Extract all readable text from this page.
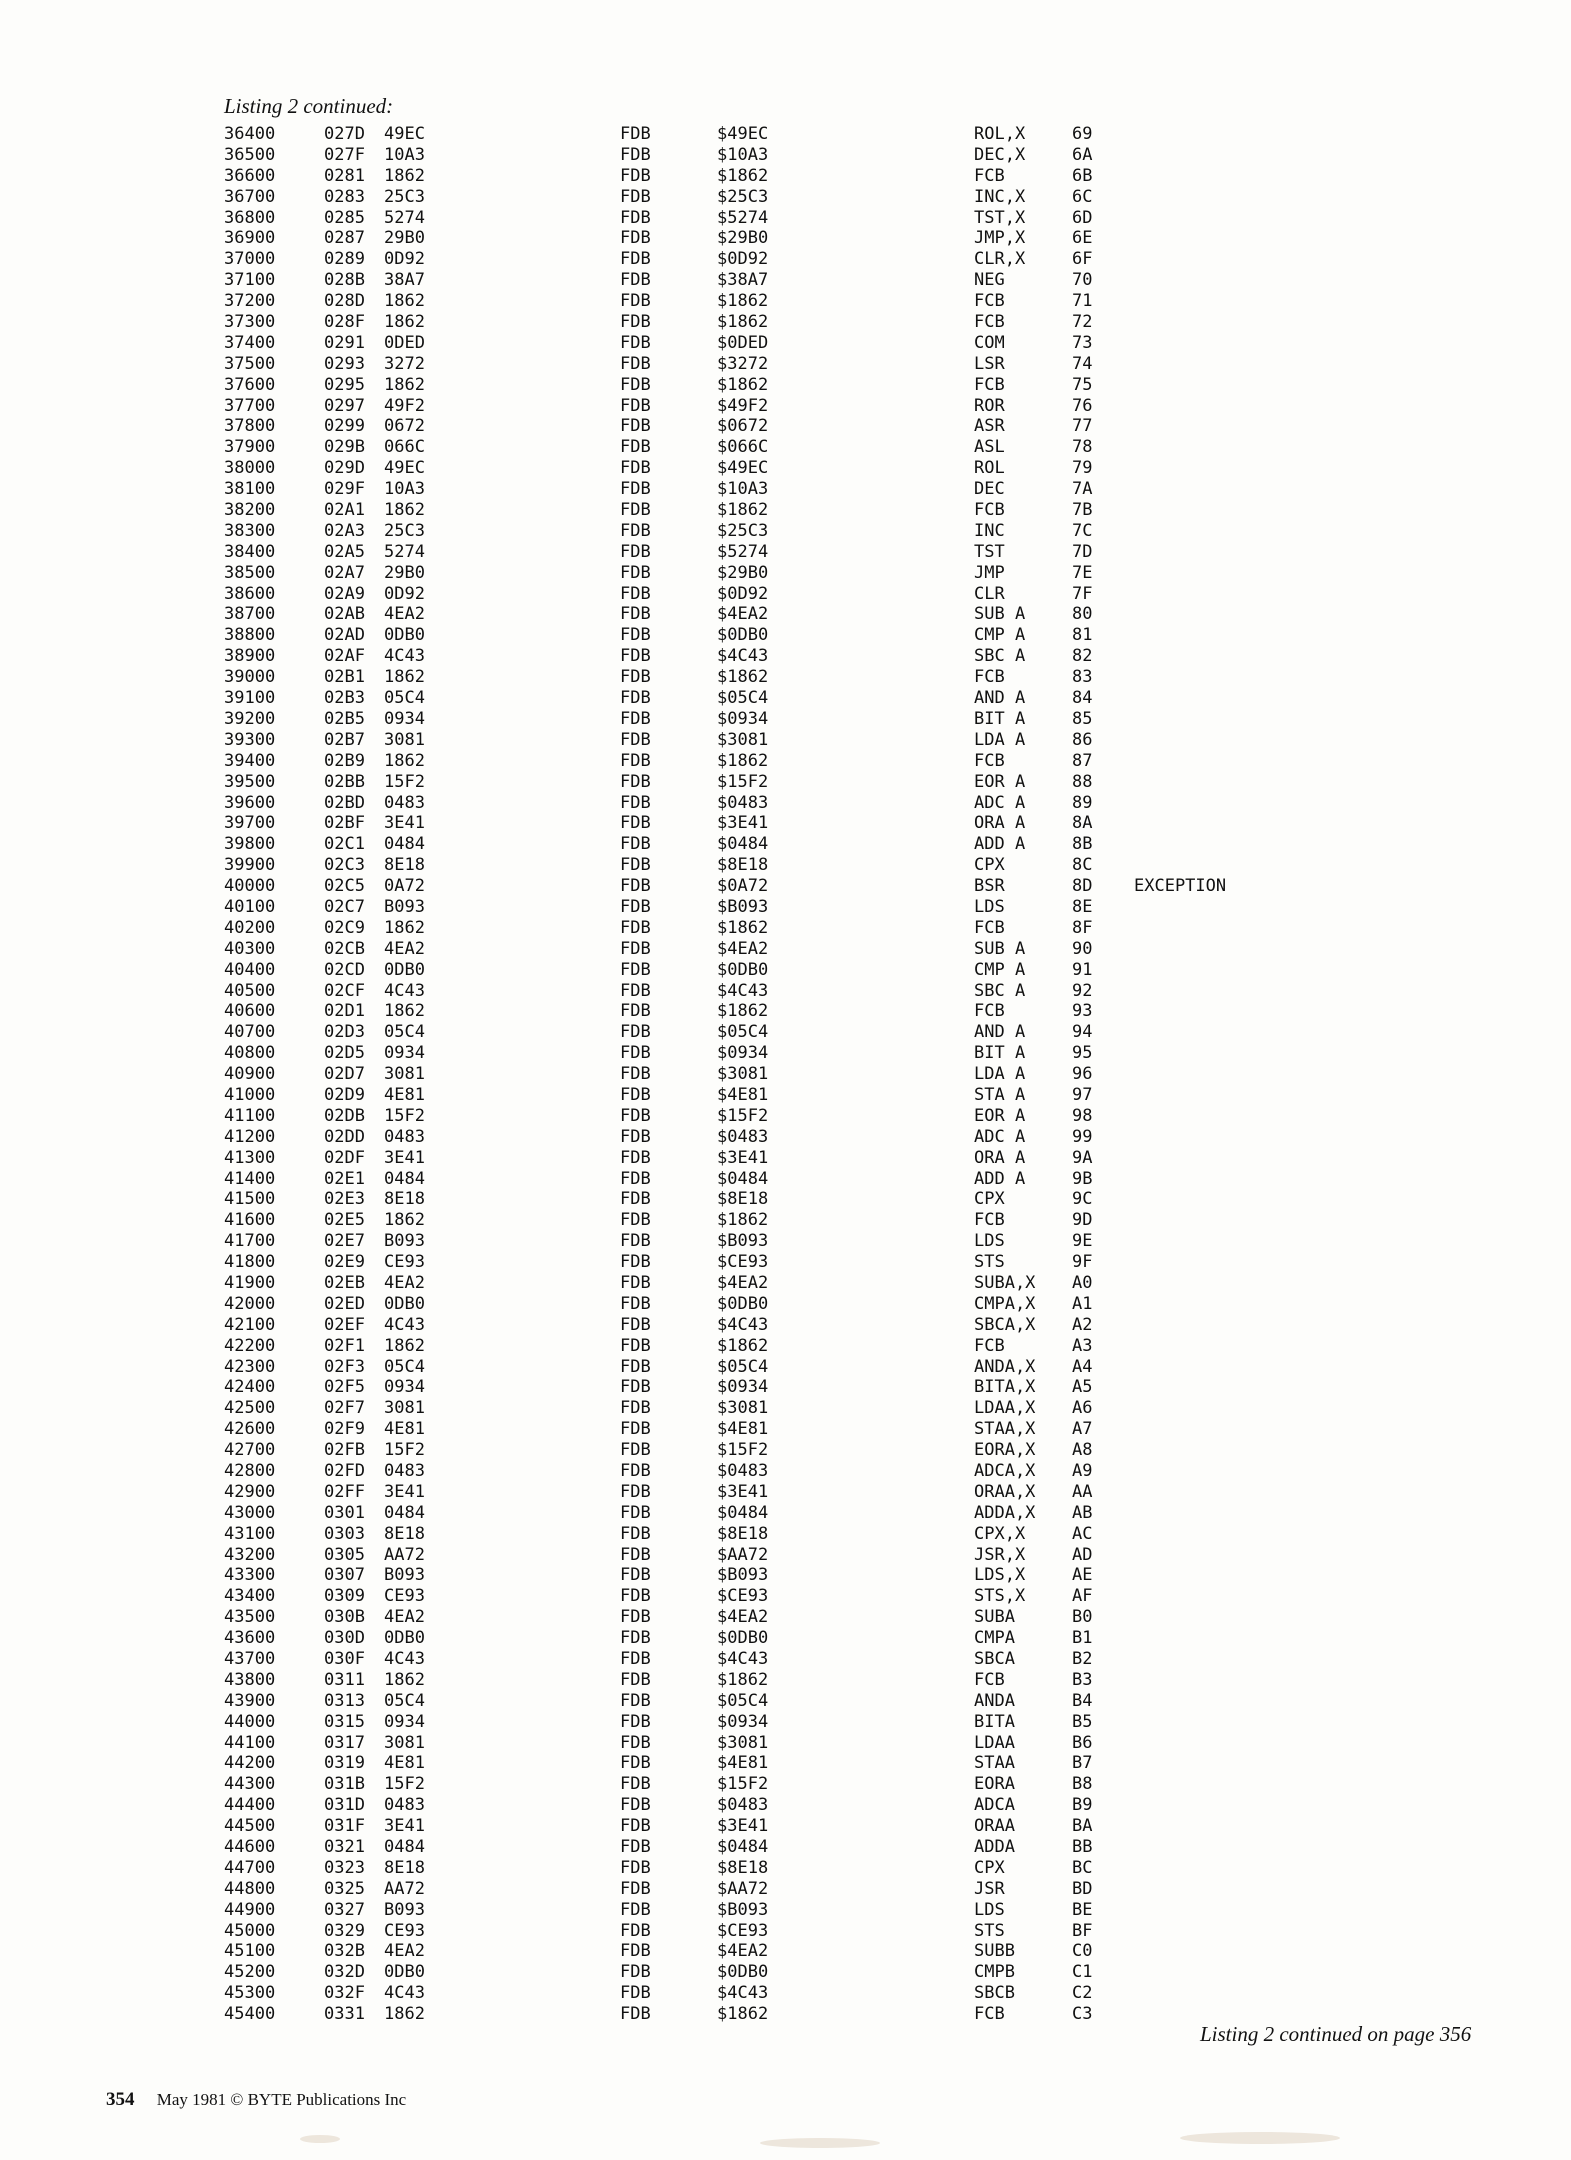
Listing 2 continued:
36400	027D 49EC	FDB	$49EC	ROL,X	69
36500	027F 10A3	FDB	$10A3	DEC,X	6A
36600	0281 1862	FDB	$1862	FCB	6B
36700	0283 25C3	FDB	$25C3	INC,X	6C
36800	0285 5274	FDB	$5274	TST,X	6D
36900	0287 29B0	FDB	$29B0	JMP,X	6E
37000	0289 0D92	FDB	$0D92	CLR,X	6F
37100	028B 38A7	FDB	$38A7	NEG	70
37200	028D 1862	FDB	$1862	FCB	71
37300	028F 1862	FDB	$1862	FCB	72
37400	0291 0DED	FDB	$0DED	COM	73
37500	0293 3272	FDB	$3272	LSR	74
37600	0295 1862	FDB	$1862	FCB	75
37700	0297 49F2	FDB	$49F2	ROR	76
37800	0299 0672	FDB	$0672	ASR	77
37900	029B 066C	FDB	$066C	ASL	78
38000	029D 49EC	FDB	$49EC	ROL	79
38100	029F 10A3	FDB	$10A3	DEC	7A
38200	02A1 1862	FDB	$1862	FCB	7B
38300	02A3 25C3	FDB	$25C3	INC	7C
38400	02A5 5274	FDB	$5274	TST	7D
38500	02A7 29B0	FDB	$29B0	JMP	7E
38600	02A9 0D92	FDB	$0D92	CLR	7F
38700	02AB 4EA2	FDB	$4EA2	SUB A	80
38800	02AD 0DB0	FDB	$0DB0	CMP A	81
38900	02AF 4C43	FDB	$4C43	SBC A	82
39000	02B1 1862	FDB	$1862	FCB	83
39100	02B3 05C4	FDB	$05C4	AND A	84
39200	02B5 0934	FDB	$0934	BIT A	85
39300	02B7 3081	FDB	$3081	LDA A	86
39400	02B9 1862	FDB	$1862	FCB	87
39500	02BB 15F2	FDB	$15F2	EOR A	88
39600	02BD 0483	FDB	$0483	ADC A	89
39700	02BF 3E41	FDB	$3E41	ORA A	8A
39800	02C1 0484	FDB	$0484	ADD A	8B
39900	02C3 8E18	FDB	$8E18	CPX	8C
40000	02C5 0A72	FDB	$0A72	BSR	8D EXCEPTION
40100	02C7 B093	FDB	$B093	LDS	8E
40200	02C9 1862	FDB	$1862	FCB	8F
40300	02CB 4EA2	FDB	$4EA2	SUB A	90
40400	02CD 0DB0	FDB	$0DB0	CMP A	91
40500	02CF 4C43	FDB	$4C43	SBC A	92
40600	02D1 1862	FDB	$1862	FCB	93
40700	02D3 05C4	FDB	$05C4	AND A	94
40800	02D5 0934	FDB	$0934	BIT A	95
40900	02D7 3081	FDB	$3081	LDA A	96
41000	02D9 4E81	FDB	$4E81	STA A	97
41100	02DB 15F2	FDB	$15F2	EOR A	98
41200	02DD 0483	FDB	$0483	ADC A	99
41300	02DF 3E41	FDB	$3E41	ORA A	9A
41400	02E1 0484	FDB	$0484	ADD A	9B
41500	02E3 8E18	FDB	$8E18	CPX	9C
41600	02E5 1862	FDB	$1862	FCB	9D
41700	02E7 B093	FDB	$B093	LDS	9E
41800	02E9 CE93	FDB	$CE93	STS	9F
41900	02EB 4EA2	FDB	$4EA2	SUBA,X A0
42000	02ED 0DB0	FDB	$0DB0	CMPA,X A1
42100	02EF 4C43	FDB	$4C43	SBCA,X A2
42200	02F1 1862	FDB	$1862	FCB	A3
42300	02F3 05C4	FDB	$05C4	ANDA,X A4
42400	02F5 0934	FDB	$0934	BITA,X A5
42500	02F7 3081	FDB	$3081	LDAA,X A6
42600	02F9 4E81	FDB	$4E81	STAA,X A7
42700	02FB 15F2	FDB	$15F2	EORA,X A8
42800	02FD 0483	FDB	$0483	ADCA,X A9
42900	02FF 3E41	FDB	$3E41	ORAA,X AA
43000	0301 0484	FDB	$0484	ADDA,X AB
43100	0303 8E18	FDB	$8E18	CPX,X	AC
43200	0305 AA72	FDB	$AA72	JSR,X	AD
43300	0307 B093	FDB	$B093	LDS,X	AE
43400	0309 CE93	FDB	$CE93	STS,X	AF
43500	030B 4EA2	FDB	$4EA2	SUBA	B0
43600	030D 0DB0	FDB	$0DB0	CMPA	B1
43700	030F 4C43	FDB	$4C43	SBCA	B2
43800	0311 1862	FDB	$1862	FCB	B3
43900	0313 05C4	FDB	$05C4	ANDA	B4
44000	0315 0934	FDB	$0934	BITA	B5
44100	0317 3081	FDB	$3081	LDAA	B6
44200	0319 4E81	FDB	$4E81	STAA	B7
44300	031B 15F2	FDB	$15F2	EORA	B8
44400	031D 0483	FDB	$0483	ADCA	B9
44500	031F 3E41	FDB	$3E41	ORAA	BA
44600	0321 0484	FDB	$0484	ADDA	BB
44700	0323 8E18	FDB	$8E18	CPX	BC
44800	0325 AA72	FDB	$AA72	JSR	BD
44900	0327 B093	FDB	$B093	LDS	BE
45000	0329 CE93	FDB	$CE93	STS	BF
45100	032B 4EA2	FDB	$4EA2	SUBB	C0
45200	032D 0DB0	FDB	$0DB0	CMPB	C1
45300	032F 4C43	FDB	$4C43	SBCB	C2
45400	0331 1862	FDB	$1862	FCB	C3
Listing 2 continued on page 356
354 May 1981 © BYTE Publications Inc
